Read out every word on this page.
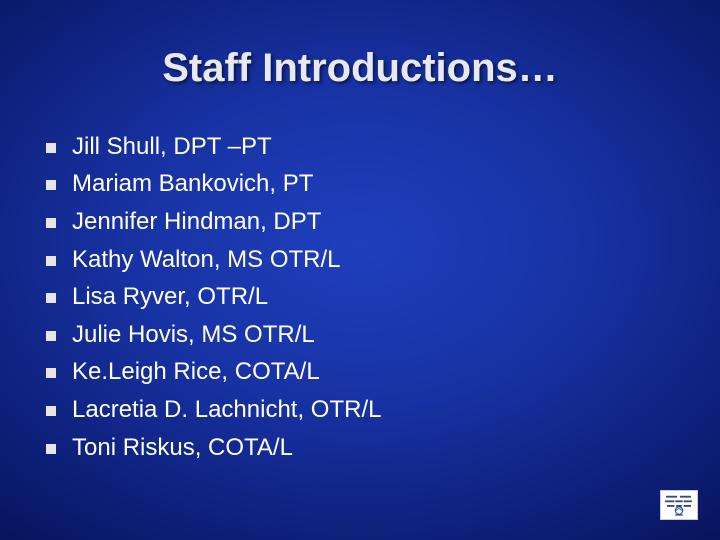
Staff Introductions…
Jill Shull, DPT –PT
Mariam Bankovich, PT
Jennifer Hindman, DPT
Kathy Walton, MS OTR/L
Lisa Ryver, OTR/L
Julie Hovis, MS OTR/L
Ke.Leigh Rice, COTA/L
Lacretia D. Lachnicht, OTR/L
Toni Riskus, COTA/L
